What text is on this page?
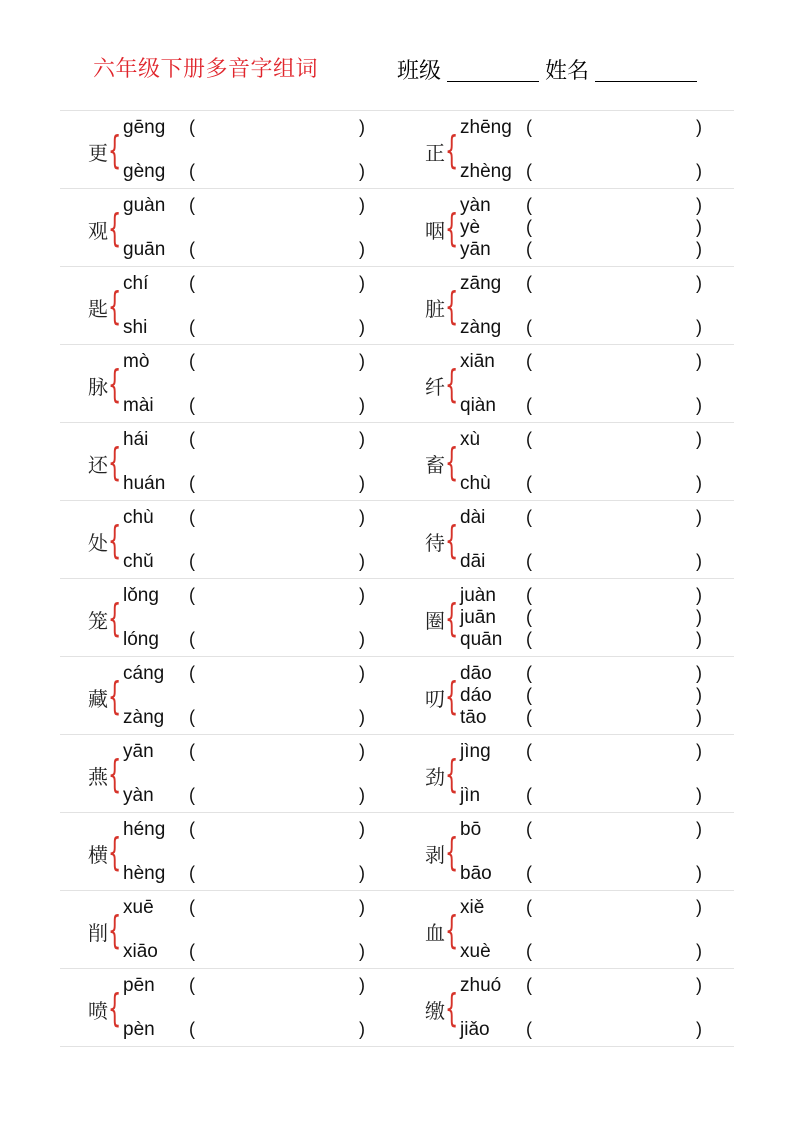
六年级下册多音字组词	班级	姓名
更 {
gēng (	)
gèng (	)
正 {
zhēng (	)
zhèng (	)
观 {
guàn (	)
guān (	)
咽 {
yàn (	)
yè	(	)
yān (	)
匙 {
chí (	)
shi (	)
脏 {
zāng (	)
zàng (	)
脉 {
mò (	)
mài (	)
纤 {
xiān (	)
qiàn (	)
还 {
hái (	)
huán (	)
畜 {
xù	(	)
chù (	)
处 {
chù (	)
chǔ (	)
待 {
dài (	)
dāi (	)
笼 {
lǒng (	)
lóng (	)
圈 {
juàn (	)
juān (	)
quān (	)
藏 {
cáng (	)
zàng (	)
叨 {
dāo (	)
dáo (	)
tāo (	)
燕 {
yān (	)
yàn (	)
劲 {
jìng (	)
jìn	(	)
横 {
héng (	)
hèng (	)
剥 {
bō (	)
bāo (	)
削 {
xuē (	)
xiāo (	)
血 {
xiě (	)
xuè (	)
喷 {
pēn (	)
pèn (	)
缴 {
zhuó (	)
jiǎo (	)
